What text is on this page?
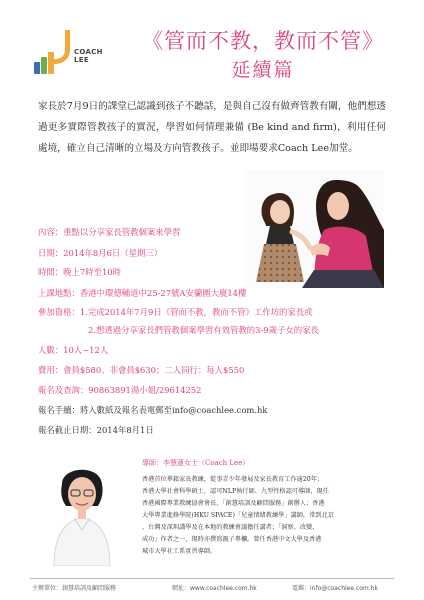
COACH
LEE
《管而不教，教而不管》
延續篇
家長於7月9日的課堂已認識到孩子不聽話，是與自己沒有做齊管教有關，他們想透過更多實際管教孩子的實況，學習如何情理兼備 (Be kind and firm)，利用任何處境，確立自己清晰的立場及方向管教孩子。並即場要求Coach Lee加堂。
內容：重點以分享家長管教個案來學習
日期：2014年8月6日（星期三）
時間：晚上7時至10時
上課地點：香港中環德輔道中25-27號A安蘭圍大廈14樓
參加資格：1.完成2014年7月9日《管而不教，教而不管》工作坊的家長或
2.想透過分享家長們管教個案學習有效管教的3-9歲子女的家長
人數：10人~12人
費用：會員$580、非會員$630；二人同行：每人$550
報名及查詢：90863891湯小姐/29614252
報名手續：將入數紙及報名表電郵至info@coachlee.com.hk
報名截止日期：2014年8月1日
導師：李慧蓮女士（Coach Lee）
香港首位華籍家長教練，從事青少年發展及家長教育工作逾20年；
香港大學社會科學碩士，認可NLP執行師、九型性格認可導師，現任
香港國際專業教練協會會長、「創慧培訓及顧問服務」創辦人；香港
大學專業進修學院(HKU SPACE)「兒童情緒教練學」講師，常到北京
、台灣及深圳講學及在本地的教練會議擔任講者；「洞察、改變、
成功」作者之一，現時亦撰寫親子專欄。曾任香港中文大學及香港
城市大學社工系實習導師。
主辦單位：創慧培訓及顧問服務	網址：www.coachlee.com.hk	電郵：info@coachlee.com.hk
